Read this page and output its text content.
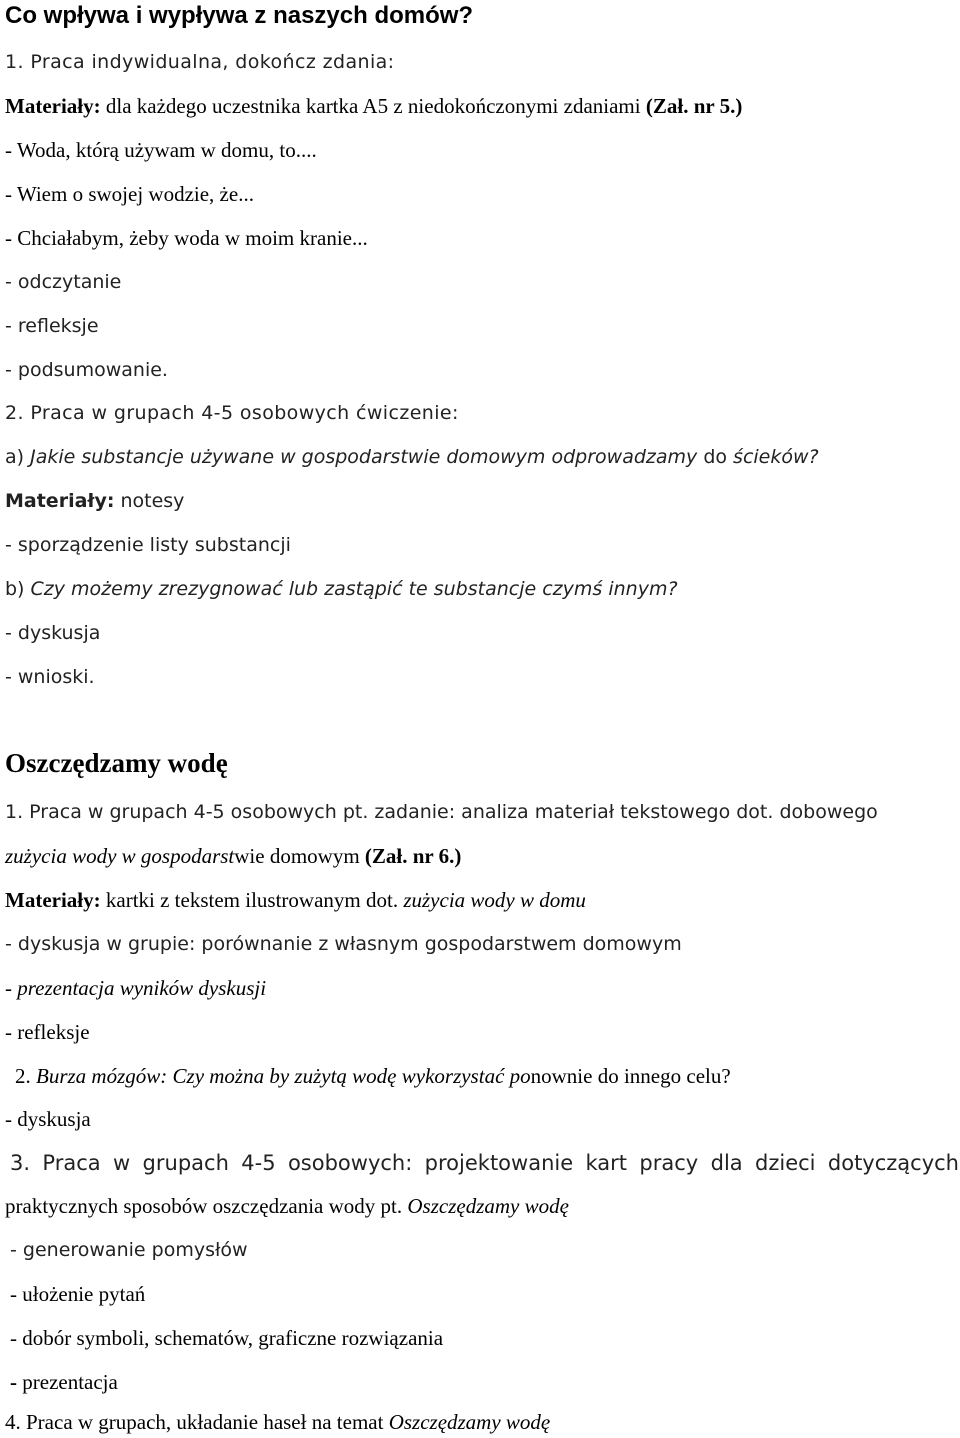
Co wpływa i wypływa z naszych domów?
1. Praca indywidualna, dokończ zdania:
Materiały: dla każdego uczestnika kartka A5 z niedokończonymi zdaniami (Zał. nr 5.)
- Woda, którą używam w domu, to....
- Wiem o swojej wodzie, że...
- Chciałabym, żeby woda w moim kranie...
- odczytanie
- refleksje
- podsumowanie.
2. Praca w grupach 4-5 osobowych ćwiczenie:
a) Jakie substancje używane w gospodarstwie domowym odprowadzamy do ścieków?
Materiały: notesy
- sporządzenie listy substancji
b) Czy możemy zrezygnować lub zastąpić te substancje czymś innym?
- dyskusja
- wnioski.
Oszczędzamy wodę
1. Praca w grupach 4-5 osobowych pt. zadanie: analiza materiał tekstowego dot. dobowego
zużycia wody w gospodarstwie domowym (Zał. nr 6.)
Materiały: kartki z tekstem ilustrowanym dot. zużycia wody w domu
- dyskusja w grupie: porównanie z własnym gospodarstwem domowym
- prezentacja wyników dyskusji
- refleksje
2. Burza mózgów: Czy można by zużytą wodę wykorzystać ponownie do innego celu?
- dyskusja
3. Praca w grupach 4-5 osobowych: projektowanie kart pracy dla dzieci dotyczących
praktycznych sposobów oszczędzania wody pt. Oszczędzamy wodę
- generowanie pomysłów
- ułożenie pytań
- dobór symboli, schematów, graficzne rozwiązania
- prezentacja
4. Praca w grupach, układanie haseł na temat Oszczędzamy wodę
